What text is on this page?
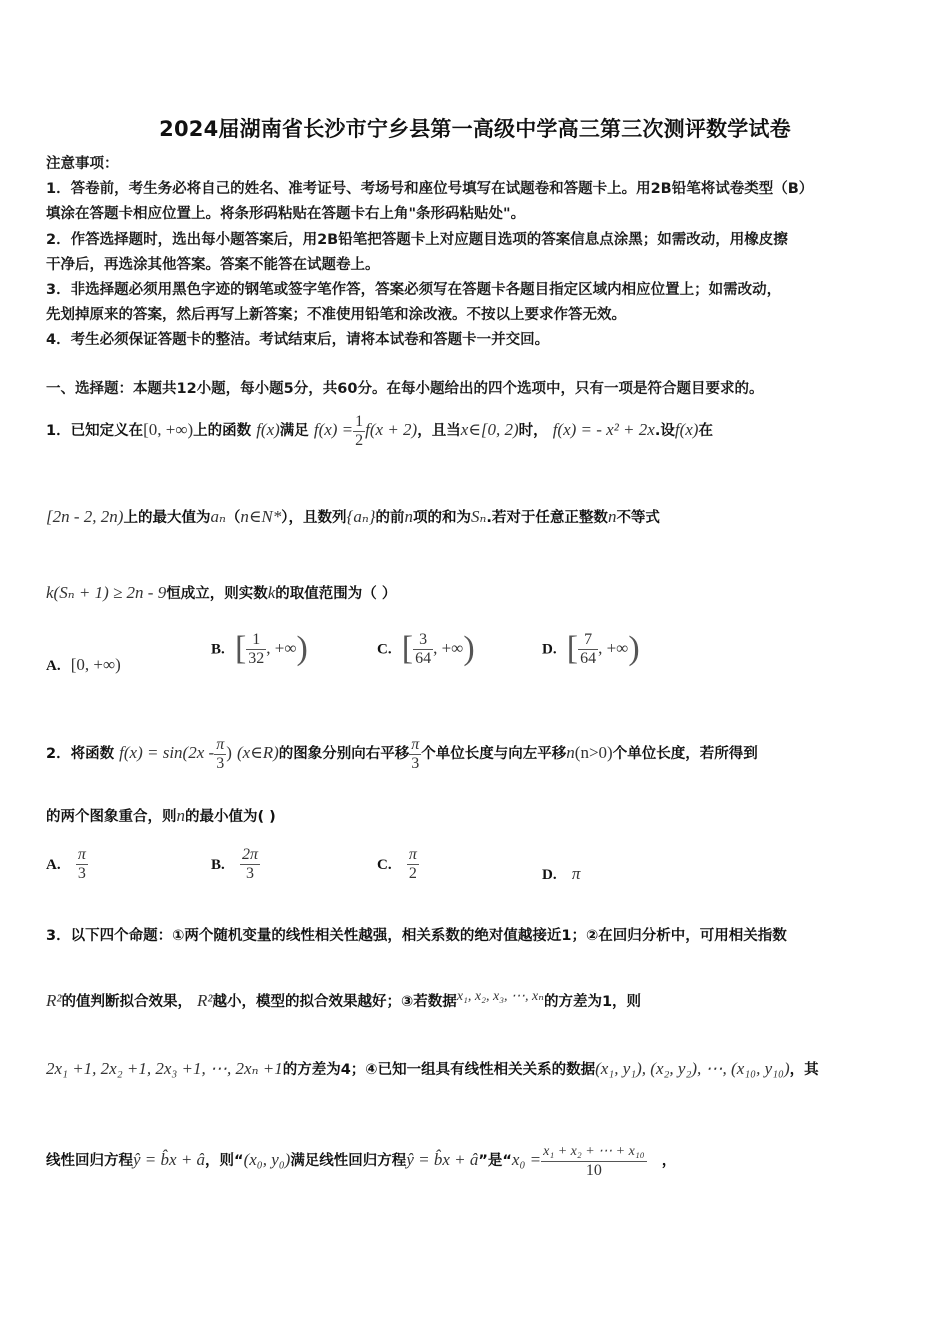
2024届湖南省长沙市宁乡县第一高级中学高三第三次测评数学试卷
注意事项：
1．答卷前，考生务必将自己的姓名、准考证号、考场号和座位号填写在试题卷和答题卡上。用2B铅笔将试卷类型（B）
填涂在答题卡相应位置上。将条形码粘贴在答题卡右上角"条形码粘贴处"。
2．作答选择题时，选出每小题答案后，用2B铅笔把答题卡上对应题目选项的答案信息点涂黑；如需改动，用橡皮擦
干净后，再选涂其他答案。答案不能答在试题卷上。
3．非选择题必须用黑色字迹的钢笔或签字笔作答，答案必须写在答题卡各题目指定区域内相应位置上；如需改动，
先划掉原来的答案，然后再写上新答案；不准使用铅笔和涂改液。不按以上要求作答无效。
4．考生必须保证答题卡的整洁。考试结束后，请将本试卷和答题卡一并交回。
一、选择题：本题共12小题，每小题5分，共60分。在每小题给出的四个选项中，只有一项是符合题目要求的。
1．已知定义在[0, +∞)上的函数 f(x)满足 $f(x) = \frac{1}{2} f(x + 2)$，且当x∈[0, 2)时， f(x) = - x² + 2x.设f(x)在
[2n - 2, 2n)上的最大值为aₙ（n∈N*），且数列{aₙ}的前n项的和为Sₙ.若对于任意正整数n不等式
k(Sₙ + 1) ≥ 2n - 9恒成立，则实数k的取值范围为（ ）
A. [0, +∞)
B. [ $\frac{1}{32}$ , +∞)	C. [ $\frac{3}{64}$ , +∞)	D. [ $\frac{7}{64}$ , +∞)
2．将函数 $f(x) = \sin(2x - \frac{\pi}{3}$ ) (x∈R)的图象分别向右平移 $\frac{\pi}{3}$ 个单位长度与向左平移n(n>0)个单位长度，若所得到
的两个图象重合，则n的最小值为( )
A. $\frac{\pi}{3}$	B. $\frac{2\pi}{3}$	C. $\frac{\pi}{2}$	D. π
3．以下四个命题：①两个随机变量的线性相关性越强，相关系数的绝对值越接近1；②在回归分析中，可用相关指数
R²的值判断拟合效果， R²越小，模型的拟合效果越好；③若数据x₁, x₂, x₃, ⋯, xₙ的方差为1，则
2x₁ +1, 2x₂ +1, 2x₃ +1, ⋯, 2xₙ +1的方差为4；④已知一组具有线性相关关系的数据(x₁, y₁), (x₂, y₂), ⋯, (x₁₀, y₁₀)，其
线性回归方程ŷ = b̂x + â，则“(x₀, y₀)满足线性回归方程ŷ = b̂x + â”是“$x_0 = \frac{\text{x₁ + x₂ + ⋯ + x₁₀}}{10}$ ，
